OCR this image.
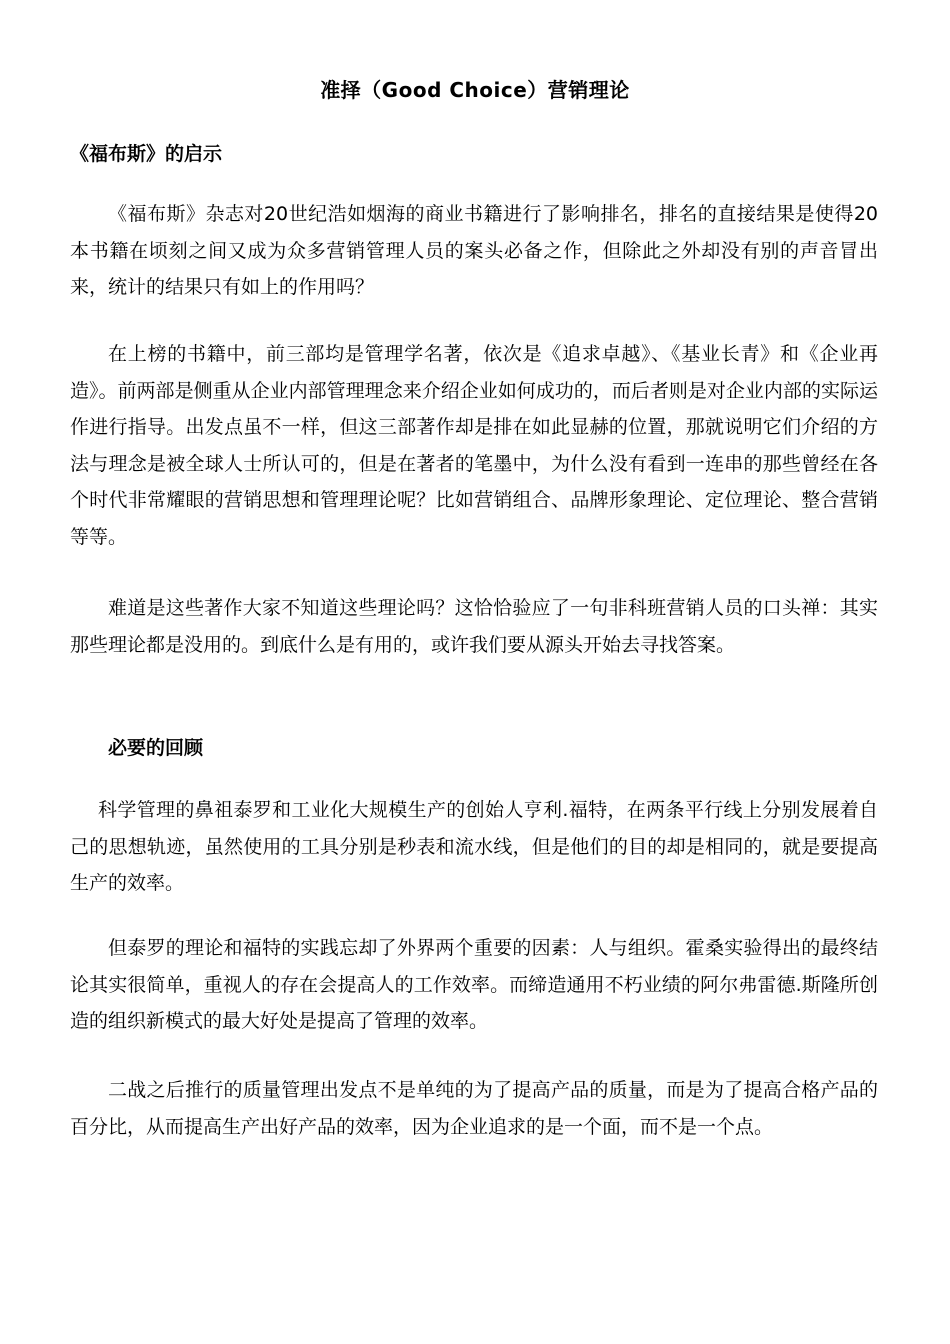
准择（Good Choice）营销理论
《福布斯》的启示

《福布斯》杂志对20世纪浩如烟海的商业书籍进行了影响排名，排名的直接结果是使得20本书籍在顷刻之间又成为众多营销管理人员的案头必备之作，但除此之外却没有别的声音冒出来，统计的结果只有如上的作用吗？

在上榜的书籍中，前三部均是管理学名著，依次是《追求卓越》、《基业长青》和《企业再造》。前两部是侧重从企业内部管理理念来介绍企业如何成功的，而后者则是对企业内部的实际运作进行指导。出发点虽不一样，但这三部著作却是排在如此显赫的位置，那就说明它们介绍的方法与理念是被全球人士所认可的，但是在著者的笔墨中，为什么没有看到一连串的那些曾经在各个时代非常耀眼的营销思想和管理理论呢？比如营销组合、品牌形象理论、定位理论、整合营销等等。

难道是这些著作大家不知道这些理论吗？这恰恰验应了一句非科班营销人员的口头禅：其实那些理论都是没用的。到底什么是有用的，或许我们要从源头开始去寻找答案。

必要的回顾

科学管理的鼻祖泰罗和工业化大规模生产的创始人亨利.福特，在两条平行线上分别发展着自己的思想轨迹，虽然使用的工具分别是秒表和流水线，但是他们的目的却是相同的，就是要提高生产的效率。

但泰罗的理论和福特的实践忘却了外界两个重要的因素：人与组织。霍桑实验得出的最终结论其实很简单，重视人的存在会提高人的工作效率。而缔造通用不朽业绩的阿尔弗雷德.斯隆所创造的组织新模式的最大好处是提高了管理的效率。

二战之后推行的质量管理出发点不是单纯的为了提高产品的质量，而是为了提高合格产品的百分比，从而提高生产出好产品的效率，因为企业追求的是一个面，而不是一个点。
